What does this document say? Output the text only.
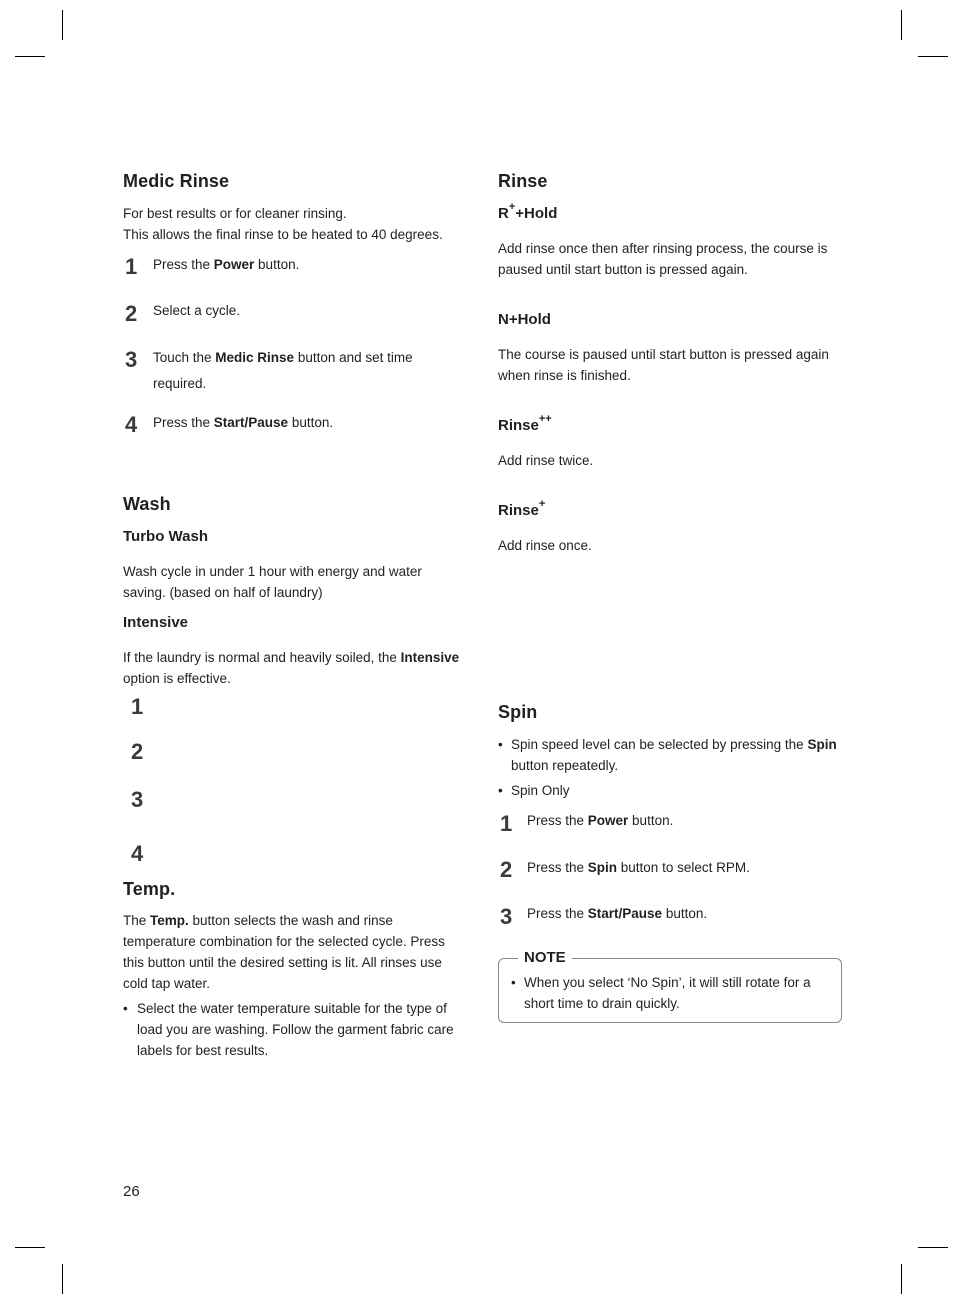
Medic Rinse
For best results or for cleaner rinsing.
This allows the final rinse to be heated to 40 degrees.
1 Press the Power button.
2 Select a cycle.
3 Touch the Medic Rinse button and set time
required.
4 Press the Start/Pause button.
Wash
Turbo Wash
Wash cycle in under 1 hour with energy and water
saving. (based on half of laundry)
Intensive
If the laundry is normal and heavily soiled, the Intensive
option is effective.
1
2
3
4
Temp.
The Temp. button selects the wash and rinse
temperature combination for the selected cycle. Press
this button until the desired setting is lit. All rinses use
cold tap water.
• Select the water temperature suitable for the type of
load you are washing. Follow the garment fabric care
labels for best results.
26
Rinse
R++Hold
Add rinse once then after rinsing process, the course is
paused until start button is pressed again.
N+Hold
The course is paused until start button is pressed again
when rinse is finished.
Rinse++
Add rinse twice.
Rinse+
Add rinse once.
Spin
• Spin speed level can be selected by pressing the Spin
button repeatedly.
• Spin Only
1 Press the Power button.
2 Press the Spin button to select RPM.
3 Press the Start/Pause button.
NOTE
• When you select ‘No Spin’, it will still rotate for a
short time to drain quickly.
